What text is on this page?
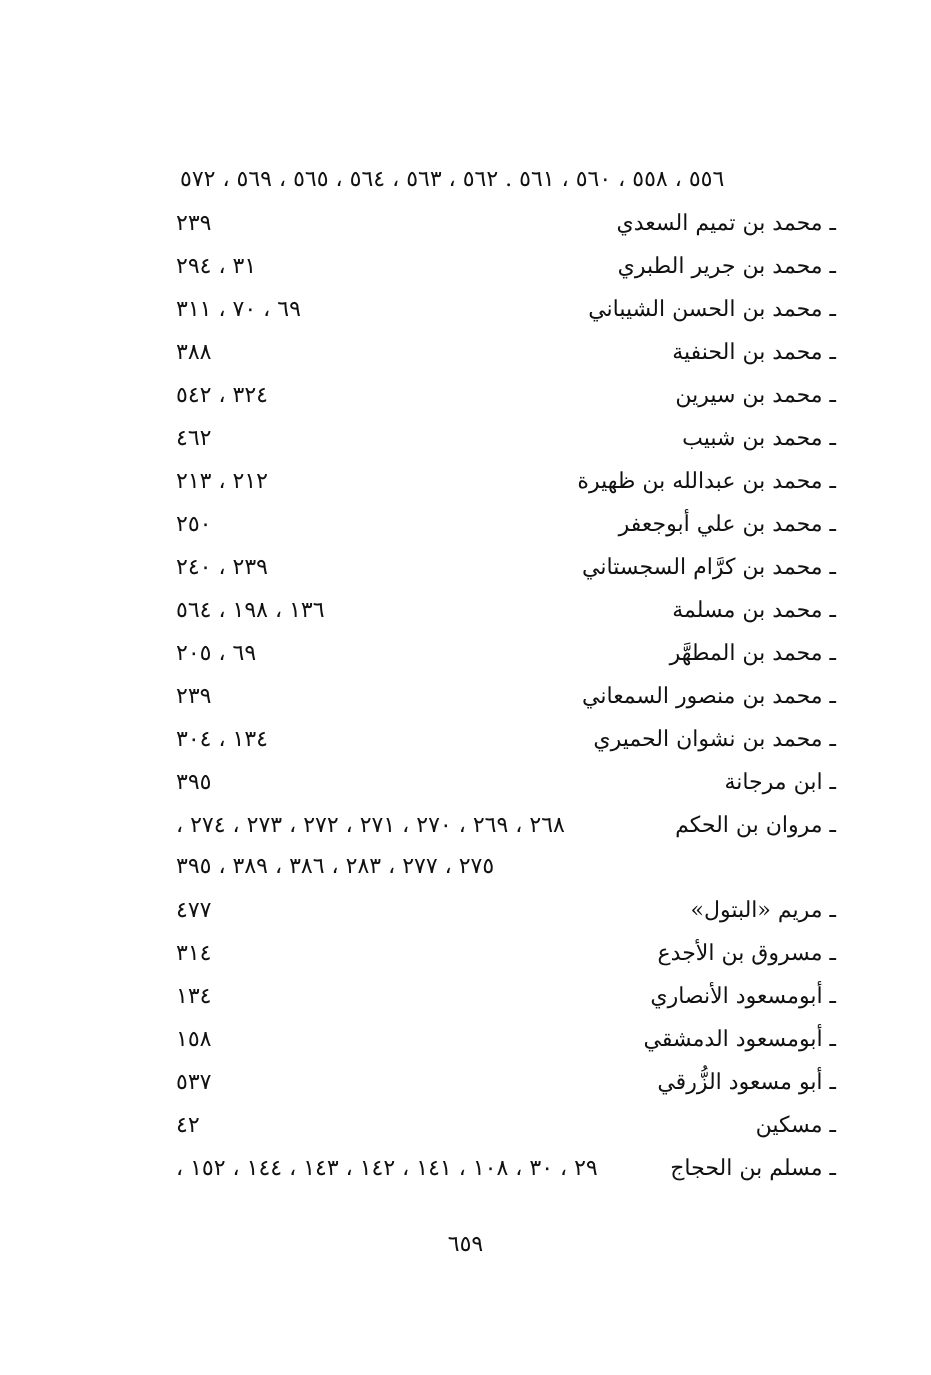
٥٥٦ ، ٥٥٨ ، ٥٦٠ ، ٥٦١ . ٥٦٢ ، ٥٦٣ ، ٥٦٤ ، ٥٦٥ ، ٥٦٩ ، ٥٧٢
ـ محمد بن تميم السعدي
٢٣٩
ـ محمد بن جرير الطبري
٣١ ، ٢٩٤
ـ محمد بن الحسن الشيباني
٦٩ ، ٧٠ ، ٣١١
ـ محمد بن الحنفية
٣٨٨
ـ محمد بن سيرين
٣٢٤ ، ٥٤٢
ـ محمد بن شبيب
٤٦٢
ـ محمد بن عبدالله بن ظهيرة
٢١٢ ، ٢١٣
ـ محمد بن علي أبوجعفر
٢٥٠
ـ محمد بن كرَّام السجستاني
٢٣٩ ، ٢٤٠
ـ محمد بن مسلمة
١٣٦ ، ١٩٨ ، ٥٦٤
ـ محمد بن المطهَّر
٦٩ ، ٢٠٥
ـ محمد بن منصور السمعاني
٢٣٩
ـ محمد بن نشوان الحميري
١٣٤ ، ٣٠٤
ـ ابن مرجانة
٣٩٥
ـ مروان بن الحكم
٢٦٨ ، ٢٦٩ ، ٢٧٠ ، ٢٧١ ، ٢٧٢ ، ٢٧٣ ، ٢٧٤ ،
٢٧٥ ، ٢٧٧ ، ٢٨٣ ، ٣٨٦ ، ٣٨٩ ، ٣٩٥
ـ مريم «البتول»
٤٧٧
ـ مسروق بن الأجدع
٣١٤
ـ أبومسعود الأنصاري
١٣٤
ـ أبومسعود الدمشقي
١٥٨
ـ أبو مسعود الزُّرقي
٥٣٧
ـ مسكين
٤٢
ـ مسلم بن الحجاج
٢٩ ، ٣٠ ، ١٠٨ ، ١٤١ ، ١٤٢ ، ١٤٣ ، ١٤٤ ، ١٥٢ ،
٦٥٩
